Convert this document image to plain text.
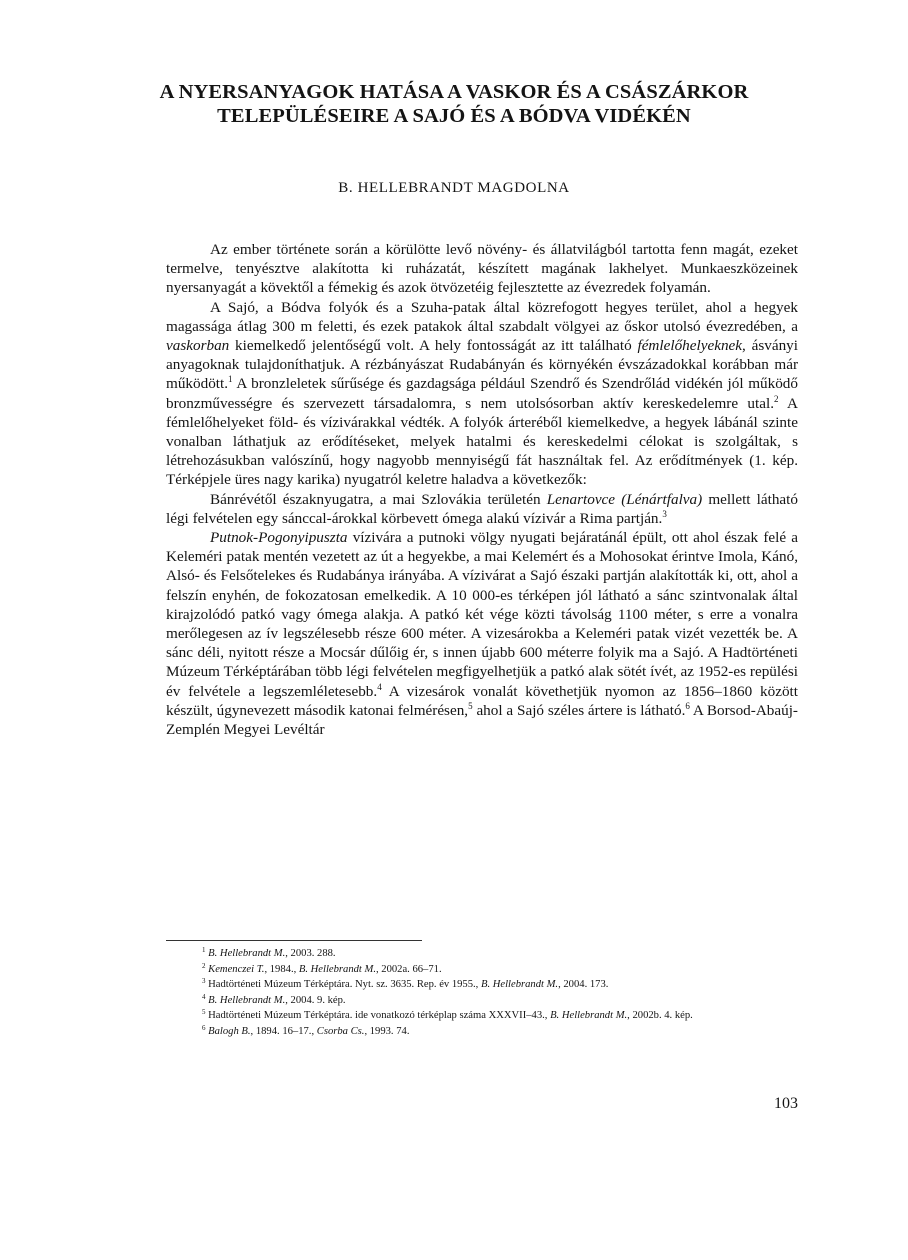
A NYERSANYAGOK HATÁSA A VASKOR ÉS A CSÁSZÁRKOR
TELEPÜLÉSEIRE A SAJÓ ÉS A BÓDVA VIDÉKÉN

B. HELLEBRANDT MAGDOLNA

Az ember története során a körülötte levő növény- és állatvilágból tartotta fenn magát, ezeket termelve, tenyésztve alakította ki ruházatát, készített magának lakhelyet. Munkaeszközeinek nyersanyagát a kövektől a fémekig és azok ötvözetéig fejlesztette az évezredek folyamán.

A Sajó, a Bódva folyók és a Szuha-patak által közrefogott hegyes terület, ahol a hegyek magassága átlag 300 m feletti, és ezek patakok által szabdalt völgyei az őskor utolsó évezredében, a vaskorban kiemelkedő jelentőségű volt. A hely fontosságát az itt található fémlelőhelyeknek, ásványi anyagoknak tulajdoníthatjuk. A rézbányászat Rudabányán és környékén évszázadokkal korábban már működött.$^1$ A bronzleletek sűrűsége és gazdagsága például Szendrő és Szendrőlád vidékén jól működő bronzművességre és szervezett társadalomra, s nem utolsósorban aktív kereskedelemre utal.$^2$ A fémlelőhelyeket föld- és vízivárakkal védték. A folyók árteréből kiemelkedve, a hegyek lábánál szinte vonalban láthatjuk az erődítéseket, melyek hatalmi és kereskedelmi célokat is szolgáltak, s létrehozásukban valószínű, hogy nagyobb mennyiségű fát használtak fel. Az erődítmények (1. kép. Térképjele üres nagy karika) nyugatról keletre haladva a következők:

Bánrévétől északnyugatra, a mai Szlovákia területén Lenartovce (Lénártfalva) mellett látható légi felvételen egy sánccal-árokkal körbevett ómega alakú vízivár a Rima partján.$^3$

Putnok-Pogonyipuszta vízivára a putnoki völgy nyugati bejáratánál épült, ott ahol észak felé a Keleméri patak mentén vezetett az út a hegyekbe, a mai Kelemért és a Mohosokat érintve Imola, Kánó, Alsó- és Felsőtelekes és Rudabánya irányába. A vízivárat a Sajó északi partján alakították ki, ott, ahol a felszín enyhén, de fokozatosan emelkedik. A 10 000-es térképen jól látható a sánc szintvonalak által kirajzolódó patkó vagy ómega alakja. A patkó két vége közti távolság 1100 méter, s erre a vonalra merőlegesen az ív legszélesebb része 600 méter. A vizesárokba a Keleméri patak vizét vezették be. A sánc déli, nyitott része a Mocsár dűlőig ér, s innen újabb 600 méterre folyik ma a Sajó. A Hadtörténeti Múzeum Térképtárában több légi felvételen megfigyelhetjük a patkó alak sötét ívét, az 1952-es repülési év felvétele a legszemléletesebb.$^4$ A vizesárok vonalát követhetjük nyomon az 1856–1860 között készült, úgynevezett második katonai felmérésen,$^5$ ahol a Sajó széles ártere is látható.$^6$ A Borsod-Abaúj-Zemplén Megyei Levéltár

$^1$ B. Hellebrandt M., 2003. 288.

$^2$ Kemenczei T., 1984., B. Hellebrandt M., 2002a. 66–71.

$^3$ Hadtörténeti Múzeum Térképtára. Nyt. sz. 3635. Rep. év 1955., B. Hellebrandt M., 2004. 173.

$^4$ B. Hellebrandt M., 2004. 9. kép.

$^5$ Hadtörténeti Múzeum Térképtára. ide vonatkozó térképlap száma XXXVII–43., B. Hellebrandt M., 2002b. 4. kép.

$^6$ Balogh B., 1894. 16–17., Csorba Cs., 1993. 74.

103
